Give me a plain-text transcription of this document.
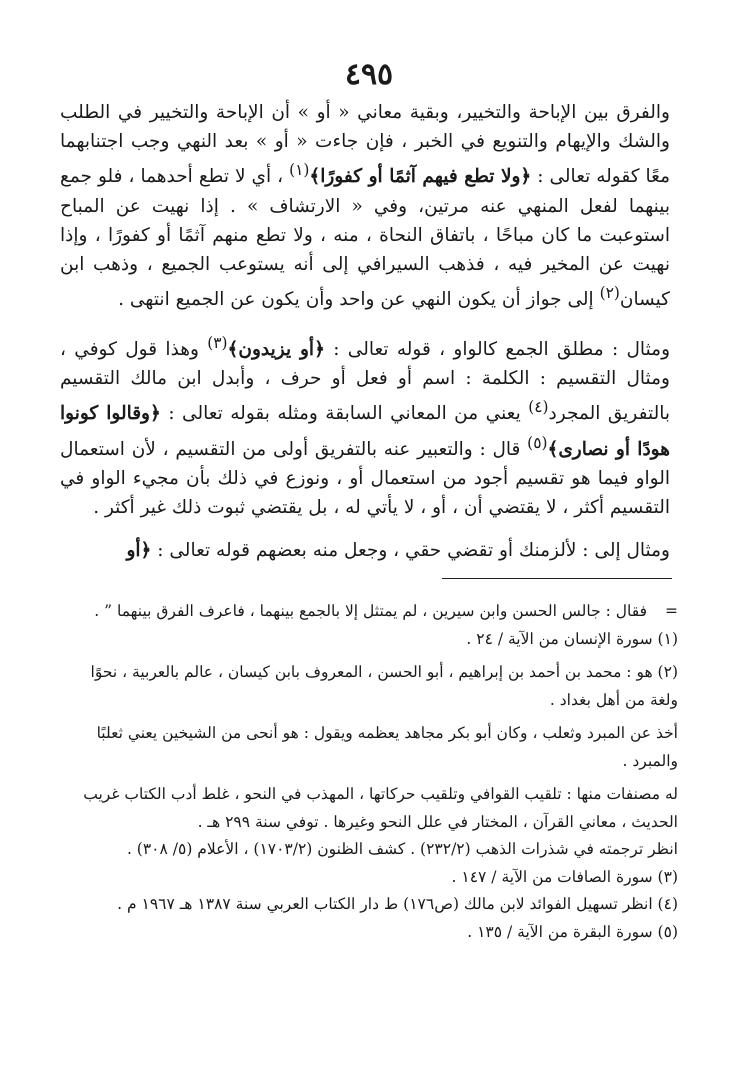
٤٩٥

والفرق بين الإباحة والتخيير، وبقية معاني « أو » أن الإباحة والتخيير في الطلب والشك والإيهام والتنويع في الخبر ، فإن جاءت « أو » بعد النهي وجب اجتنابهما معًا كقوله تعالى : ﴿ولا تطع فيهم آثمًا أو كفورًا﴾$^{(١)}$ ، أي لا تطع أحدهما ، فلو جمع بينهما لفعل المنهي عنه مرتين، وفي « الارتشاف » . إذا نهيت عن المباح استوعبت ما كان مباحًا ، باتفاق النحاة ، منه ، ولا تطع منهم آثمًا أو كفورًا ، وإذا نهيت عن المخير فيه ، فذهب السيرافي إلى أنه يستوعب الجميع ، وذهب ابن كيسان$^{(٢)}$ إلى جواز أن يكون النهي عن واحد وأن يكون عن الجميع انتهى .

ومثال : مطلق الجمع كالواو ، قوله تعالى : ﴿أو يزيدون﴾$^{(٣)}$ وهذا قول كوفي ، ومثال التقسيم : الكلمة : اسم أو فعل أو حرف ، وأبدل ابن مالك التقسيم بالتفريق المجرد$^{(٤)}$ يعني من المعاني السابقة ومثله بقوله تعالى : ﴿وقالوا كونوا هودًا أو نصارى﴾$^{(٥)}$ قال : والتعبير عنه بالتفريق أولى من التقسيم ، لأن استعمال الواو فيما هو تقسيم أجود من استعمال أو ، ونوزع في ذلك بأن مجيء الواو في التقسيم أكثر ، لا يقتضي أن ، أو ، لا يأتي له ، بل يقتضي ثبوت ذلك غير أكثر .

ومثال إلى : لألزمنك أو تقضي حقي ، وجعل منه بعضهم قوله تعالى : ﴿أو

=فقال : جالس الحسن وابن سيرين ، لم يمتثل إلا بالجمع بينهما ، فاعرف الفرق بينهما ” .

(١) سورة الإنسان من الآية / ٢٤ .

(٢) هو : محمد بن أحمد بن إبراهيم ، أبو الحسن ، المعروف بابن كيسان ، عالم بالعربية ، نحوًا ولغة من أهل بغداد .

أخذ عن المبرد وثعلب ، وكان أبو بكر مجاهد يعظمه ويقول : هو أنحى من الشيخين يعني ثعلبًا والمبرد .

له مصنفات منها : تلقيب القوافي وتلقيب حركاتها ، المهذب في النحو ، غلط أدب الكتاب غريب الحديث ، معاني القرآن ، المختار في علل النحو وغيرها . توفي سنة ٢٩٩ هـ .

انظر ترجمته في شذرات الذهب (٢٣٢/٢) . كشف الظنون (١٧٠٣/٢) ، الأعلام (٥/ ٣٠٨) .

(٣) سورة الصافات من الآية / ١٤٧ .

(٤) انظر تسهيل الفوائد لابن مالك (ص١٧٦) ط دار الكتاب العربي سنة ١٣٨٧ هـ ١٩٦٧ م .

(٥) سورة البقرة من الآية / ١٣٥ .
